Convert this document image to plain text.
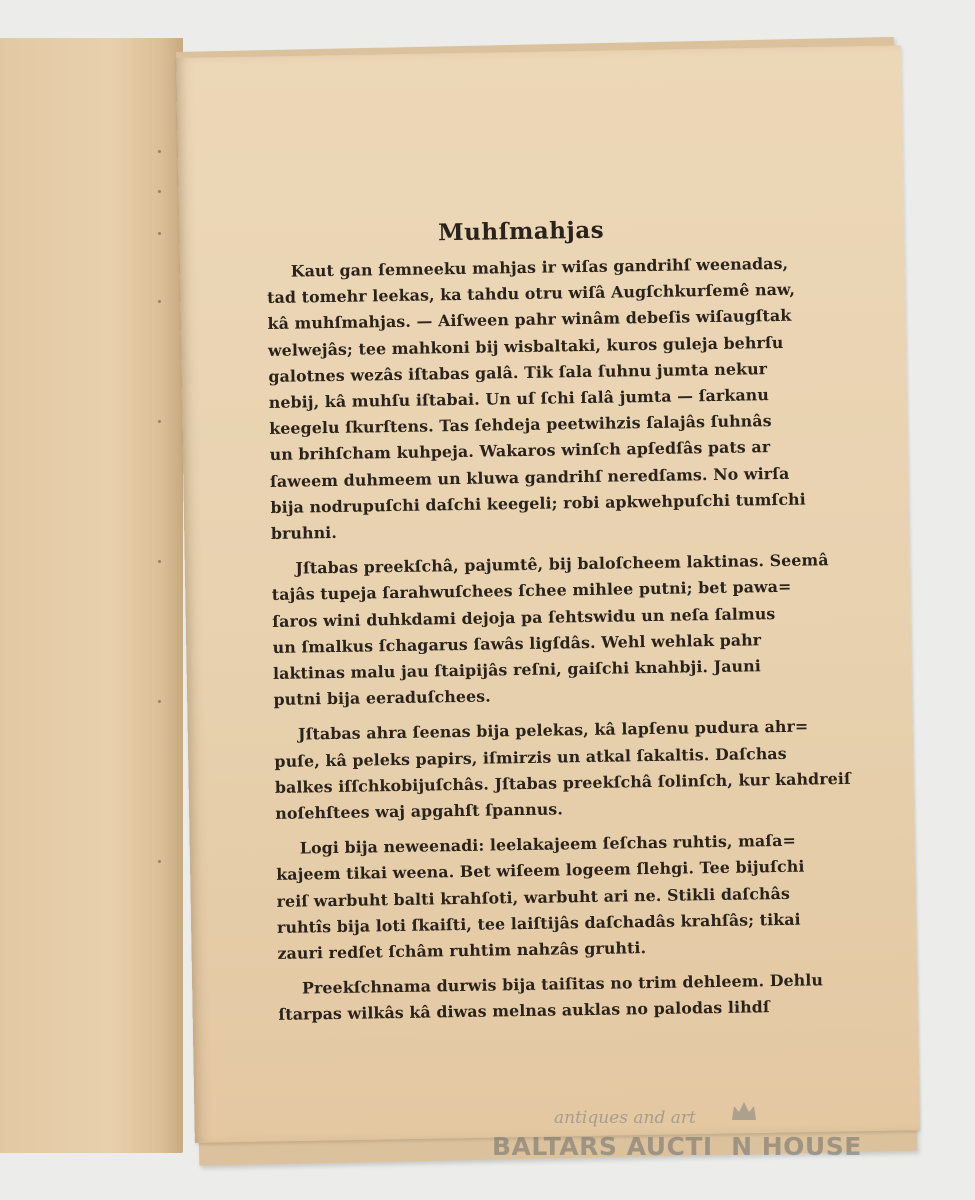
Muhſmahjas
Kaut gan ſemneeku mahjas ir wiſas gandrihſ weenadas,
tad tomehr leekas, ka tahdu otru wiſâ Augſchkurſemê naw,
kâ muhſmahjas. — Aiſween pahr winâm debeſis wiſaugſtak
welwejâs; tee mahkoni bij wisbaltaki, kuros guleja behrſu
galotnes wezâs iſtabas galâ. Tik ſala ſuhnu jumta nekur
nebij, kâ muhſu iſtabai. Un uſ ſchi ſalâ jumta — ſarkanu
keegelu ſkurſtens. Tas ſehdeja peetwihzis ſalajâs ſuhnâs
un brihſcham kuhpeja. Wakaros winſch apſedſâs pats ar
ſaweem duhmeem un kluwa gandrihſ neredſams. No wirſa
bija nodrupuſchi daſchi keegeli; robi apkwehpuſchi tumſchi
bruhni.
Jſtabas preekſchâ, pajumtê, bij baloſcheem laktinas. Seemâ
tajâs tupeja ſarahwuſchees ſchee mihlee putni; bet pawa=
ſaros wini duhkdami dejoja pa ſehtswidu un neſa ſalmus
un ſmalkus ſchagarus ſawâs ligſdâs. Wehl wehlak pahr
laktinas malu jau ſtaipijâs reſni, gaiſchi knahbji. Jauni
putni bija eeraduſchees.
Jſtabas ahra ſeenas bija pelekas, kâ lapſenu pudura ahr=
puſe, kâ peleks papirs, iſmirzis un atkal ſakaltis. Daſchas
balkes iſſchkobijuſchâs. Jſtabas preekſchâ ſolinſch, kur kahdreiſ
noſehſtees waj apgahſt ſpannus.
Logi bija neweenadi: leelakajeem ſeſchas ruhtis, maſa=
kajeem tikai weena. Bet wiſeem logeem ſlehgi. Tee bijuſchi
reiſ warbuht balti krahſoti, warbuht ari ne. Stikli daſchâs
ruhtîs bija loti ſkaiſti, tee laiſtijâs daſchadâs krahſâs; tikai
zauri redſet ſchâm ruhtim nahzâs gruhti.
Preekſchnama durwis bija taiſitas no trim dehleem. Dehlu
ſtarpas wilkâs kâ diwas melnas auklas no palodas lihdſ
antiques and art
BALTARS AUCTI  N HOUSE
